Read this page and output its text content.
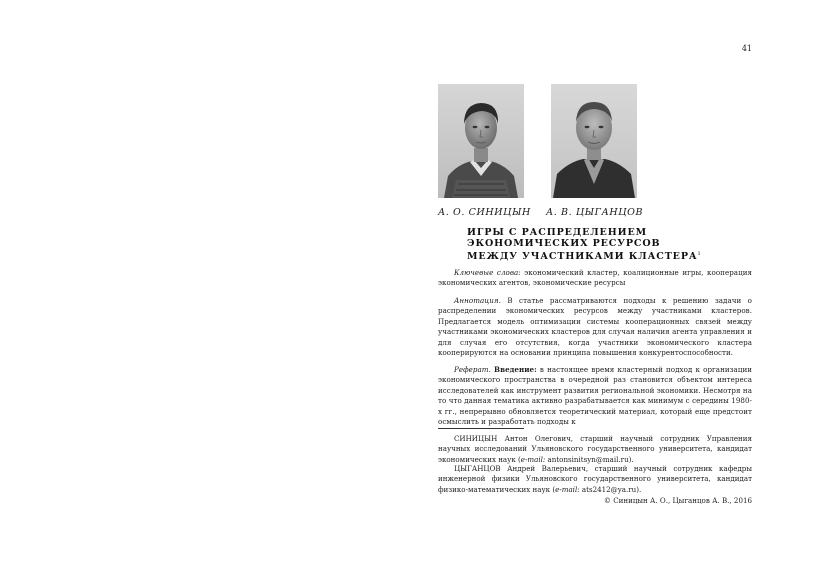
41
А. О. СИНИЦЫН А. В. ЦЫГАНЦОВ
ИГРЫ С РАСПРЕДЕЛЕНИЕМ
ЭКОНОМИЧЕСКИХ РЕСУРСОВ
МЕЖДУ УЧАСТНИКАМИ КЛАСТЕРА$^1$
Ключевые слова: экономический кластер, коалиционные игры, кооперация экономических агентов, экономические ресурсы
Аннотация. В статье рассматриваются подходы к решению задачи о распределении экономических ресурсов между участниками кластеров. Предлагается модель оптимизации системы кооперационных связей между участниками экономических кластеров для случая наличия агента управления и для случая его отсутствия, когда участники экономического кластера кооперируются на основании принципа повышения конкурентоспособности.
Реферат. Введение: в настоящее время кластерный подход к организации экономического пространства в очередной раз становится объектом интереса исследователей как инструмент развития региональной экономики. Несмотря на то что данная тематика активно разрабатывается как минимум с середины 1980-х гг., непрерывно обновляется теоретический материал, который еще предстоит осмыслить и разработать подходы к
СИНИЦЫН Антон Олегович, старший научный сотрудник Управления научных исследований Ульяновского государственного университета, кандидат экономических наук (e-mail: antonsinitsyn@mail.ru).
ЦЫГАНЦОВ Андрей Валерьевич, старший научный сотрудник кафедры инженерной физики Ульяновского государственного университета, кандидат физико-математических наук (e-mail: ats2412@ya.ru).
© Синицын А. О., Цыганцов А. В., 2016
